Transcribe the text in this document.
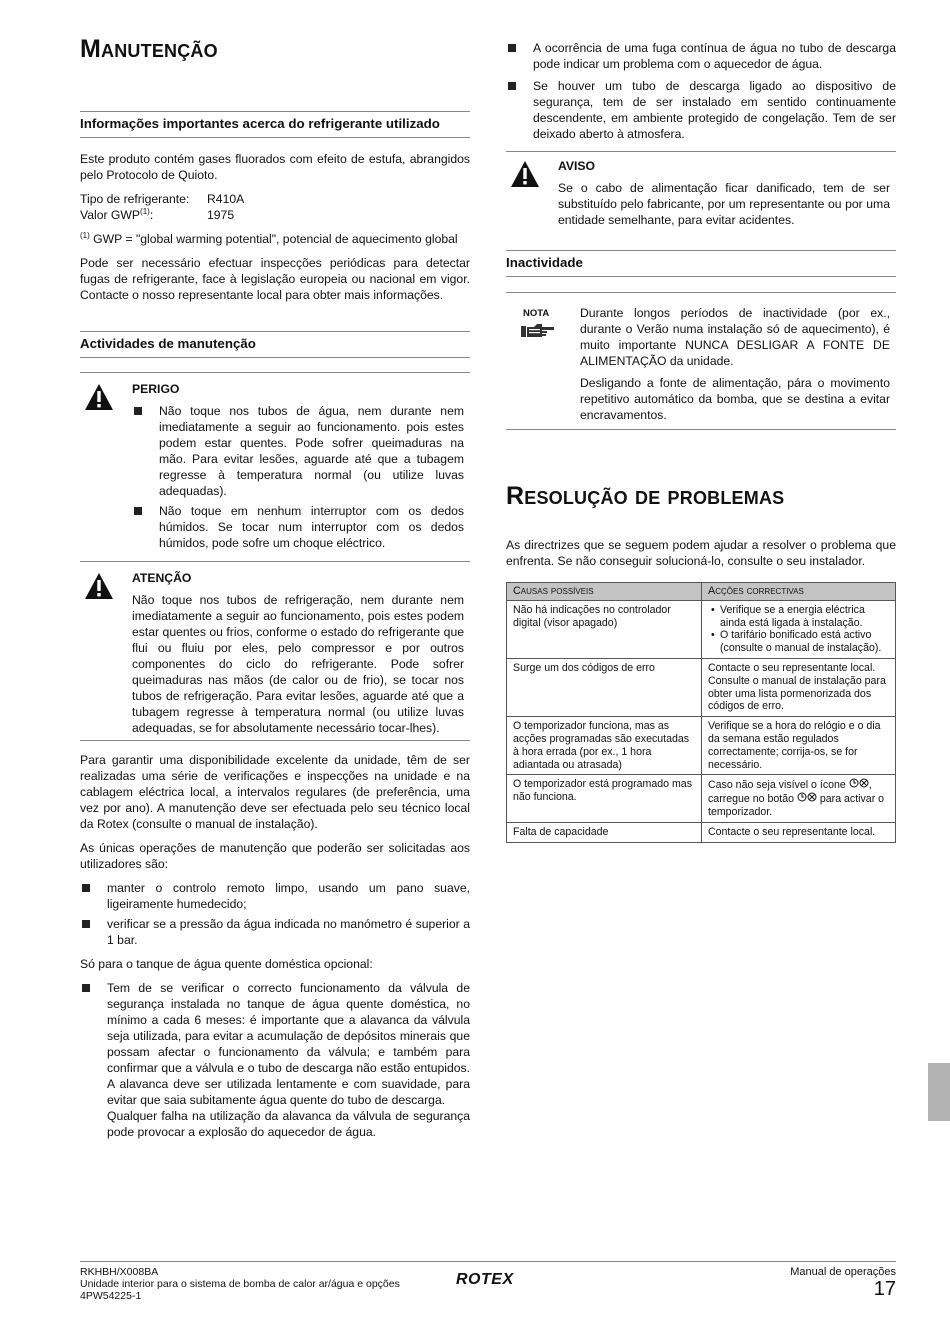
Manutenção
Informações importantes acerca do refrigerante utilizado

Este produto contém gases fluorados com efeito de estufa, abrangidos pelo Protocolo de Quioto.

Tipo de refrigerante:	R410A
Valor GWP$^{(1)}$:	1975

$^{(1)}$ GWP = "global warming potential", potencial de aquecimento global

Pode ser necessário efectuar inspecções periódicas para detectar fugas de refrigerante, face à legislação europeia ou nacional em vigor. Contacte o nosso representante local para obter mais informações.

Actividades de manutenção
PERIGO
Não toque nos tubos de água, nem durante nem imediatamente a seguir ao funcionamento. pois estes podem estar quentes. Pode sofrer queimaduras na mão. Para evitar lesões, aguarde até que a tubagem regresse à temperatura normal (ou utilize luvas adequadas).
Não toque em nenhum interruptor com os dedos húmidos. Se tocar num interruptor com os dedos húmidos, pode sofre um choque eléctrico.
ATENÇÃO

Não toque nos tubos de refrigeração, nem durante nem imediatamente a seguir ao funcionamento, pois estes podem estar quentes ou frios, conforme o estado do refrigerante que flui ou fluiu por eles, pelo compressor e por outros componentes do ciclo do refrigerante. Pode sofrer queimaduras nas mãos (de calor ou de frio), se tocar nos tubos de refrigeração. Para evitar lesões, aguarde até que a tubagem regresse à temperatura normal (ou utilize luvas adequadas, se for absolutamente necessário tocar-lhes).

Para garantir uma disponibilidade excelente da unidade, têm de ser realizadas uma série de verificações e inspecções na unidade e na cablagem eléctrica local, a intervalos regulares (de preferência, uma vez por ano). A manutenção deve ser efectuada pelo seu técnico local da Rotex (consulte o manual de instalação).

As únicas operações de manutenção que poderão ser solicitadas aos utilizadores são:

manter o controlo remoto limpo, usando um pano suave, ligeiramente humedecido;
verificar se a pressão da água indicada no manómetro é superior a 1 bar.

Só para o tanque de água quente doméstica opcional:

Tem de se verificar o correcto funcionamento da válvula de segurança instalada no tanque de água quente doméstica, no mínimo a cada 6 meses: é importante que a alavanca da válvula seja utilizada, para evitar a acumulação de depósitos minerais que possam afectar o funcionamento da válvula; e também para confirmar que a válvula e o tubo de descarga não estão entupidos. A alavanca deve ser utilizada lentamente e com suavidade, para evitar que saia subitamente água quente do tubo de descarga.
Qualquer falha na utilização da alavanca da válvula de segurança pode provocar a explosão do aquecedor de água.
A ocorrência de uma fuga contínua de água no tubo de descarga pode indicar um problema com o aquecedor de água.
Se houver um tubo de descarga ligado ao dispositivo de segurança, tem de ser instalado em sentido continuamente descendente, em ambiente protegido de congelação. Tem de ser deixado aberto à atmosfera.
AVISO

Se o cabo de alimentação ficar danificado, tem de ser substituído pelo fabricante, por um representante ou por uma entidade semelhante, para evitar acidentes.

Inactividade
NOTA	Durante longos períodos de inactividade (por ex., durante o Verão numa instalação só de aquecimento), é muito importante NUNCA DESLIGAR A FONTE DE ALIMENTAÇÃO da unidade.

Desligando a fonte de alimentação, pára o movimento repetitivo automático da bomba, que se destina a evitar encravamentos.

Resolução de problemas

As directrizes que se seguem podem ajudar a resolver o problema que enfrenta. Se não conseguir solucioná-lo, consulte o seu instalador.

Causas possíveis	Acções correctivas
Não há indicações no controlador digital (visor apagado)	• Verifique se a energia eléctrica ainda está ligada à instalação.
• O tarifário bonificado está activo (consulte o manual de instalação).

Surge um dos códigos de erro	Contacte o seu representante local. Consulte o manual de instalação para obter uma lista pormenorizada dos códigos de erro.
O temporizador funciona, mas as acções programadas são executadas à hora errada (por ex., 1 hora adiantada ou atrasada)	Verifique se a hora do relógio e o dia da semana estão regulados correctamente; corrija-os, se for necessário.
O temporizador está programado mas não funciona.	Caso não seja visível o ícone , carregue no botão  para activar o temporizador.
Falta de capacidade	Contacte o seu representante local.
RKHBH/X008BA
Unidade interior para o sistema de bomba de calor ar/água e opções
4PW54225-1
ROTEX	Manual de operações
17
